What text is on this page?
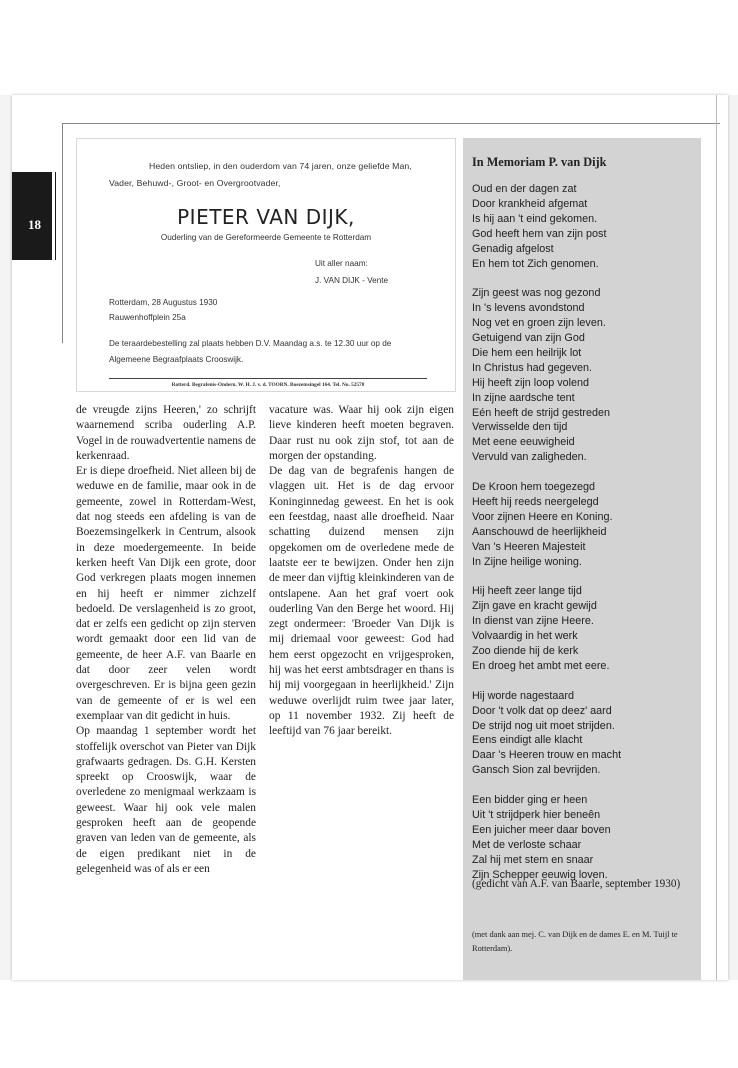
18
Heden ontsliep, in den ouderdom van 74 jaren, onze geliefde Man, Vader, Behuwd-, Groot- en Overgrootvader,
PIETER VAN DIJK,
Ouderling van de Gereformeerde Gemeente te Rotterdam
Uit aller naam:
J. VAN DIJK - Vente
Rotterdam, 28 Augustus 1930
Rauwenhoffplein 25a
De teraardebestelling zal plaats hebben D.V. Maandag a.s. te 12.30 uur op de Algemeene Begraafplaats Crooswijk.
Rotterd. Begrafenis-Ondern. W. H. J. v. d. TOORN. Boezemsingel 164. Tel. No. 52578

de vreugde zijns Heeren,' zo schrijft waarnemend scriba ouderling A.P. Vogel in de rouwadvertentie namens de kerkenraad.

Er is diepe droefheid. Niet alleen bij de weduwe en de familie, maar ook in de gemeente, zowel in Rotterdam-West, dat nog steeds een afdeling is van de Boezemsingelkerk in Centrum, alsook in deze moedergemeente. In beide kerken heeft Van Dijk een grote, door God verkregen plaats mogen innemen en hij heeft er nimmer zichzelf bedoeld. De verslagenheid is zo groot, dat er zelfs een gedicht op zijn sterven wordt gemaakt door een lid van de gemeente, de heer A.F. van Baarle en dat door zeer velen wordt overgeschreven. Er is bijna geen gezin van de gemeente of er is wel een exemplaar van dit gedicht in huis.

Op maandag 1 september wordt het stoffelijk overschot van Pieter van Dijk grafwaarts gedragen. Ds. G.H. Kersten spreekt op Crooswijk, waar de overledene zo menigmaal werkzaam is geweest. Waar hij ook vele malen gesproken heeft aan de geopende graven van leden van de gemeente, als de eigen predikant niet in de gelegenheid was of als er een

vacature was. Waar hij ook zijn eigen lieve kinderen heeft moeten begraven. Daar rust nu ook zijn stof, tot aan de morgen der opstanding.

De dag van de begrafenis hangen de vlaggen uit. Het is de dag ervoor Koninginnedag geweest. En het is ook een feestdag, naast alle droefheid. Naar schatting duizend mensen zijn opgekomen om de overledene mede de laatste eer te bewijzen. Onder hen zijn de meer dan vijftig kleinkinderen van de ontslapene. Aan het graf voert ook ouderling Van den Berge het woord. Hij zegt ondermeer: 'Broeder Van Dijk is mij driemaal voor geweest: God had hem eerst opgezocht en vrijgesproken, hij was het eerst ambtsdrager en thans is hij mij voorgegaan in heerlijkheid.' Zijn weduwe overlijdt ruim twee jaar later, op 11 november 1932. Zij heeft de leeftijd van 76 jaar bereikt.

In Memoriam P. van Dijk
Oud en der dagen zat
Door krankheid afgemat
Is hij aan 't eind gekomen.
God heeft hem van zijn post
Genadig afgelost
En hem tot Zich genomen.
Zijn geest was nog gezond
In 's levens avondstond
Nog vet en groen zijn leven.
Getuigend van zijn God
Die hem een heilrijk lot
In Christus had gegeven.
Hij heeft zijn loop volend
In zijne aardsche tent
Eén heeft de strijd gestreden
Verwisselde den tijd
Met eene eeuwigheid
Vervuld van zaligheden.
De Kroon hem toegezegd
Heeft hij reeds neergelegd
Voor zijnen Heere en Koning.
Aanschouwd de heerlijkheid
Van 's Heeren Majesteit
In Zijne heilige woning.
Hij heeft zeer lange tijd
Zijn gave en kracht gewijd
In dienst van zijne Heere.
Volvaardig in het werk
Zoo diende hij de kerk
En droeg het ambt met eere.
Hij worde nagestaard
Door 't volk dat op deez' aard
De strijd nog uit moet strijden.
Eens eindigt alle klacht
Daar 's Heeren trouw en macht
Gansch Sion zal bevrijden.
Een bidder ging er heen
Uit 't strijdperk hier beneên
Een juicher meer daar boven
Met de verloste schaar
Zal hij met stem en snaar
Zijn Schepper eeuwig loven.
(gedicht van A.F. van Baarle, september 1930)
(met dank aan mej. C. van Dijk en de dames E. en M. Tuijl te Rotterdam).
